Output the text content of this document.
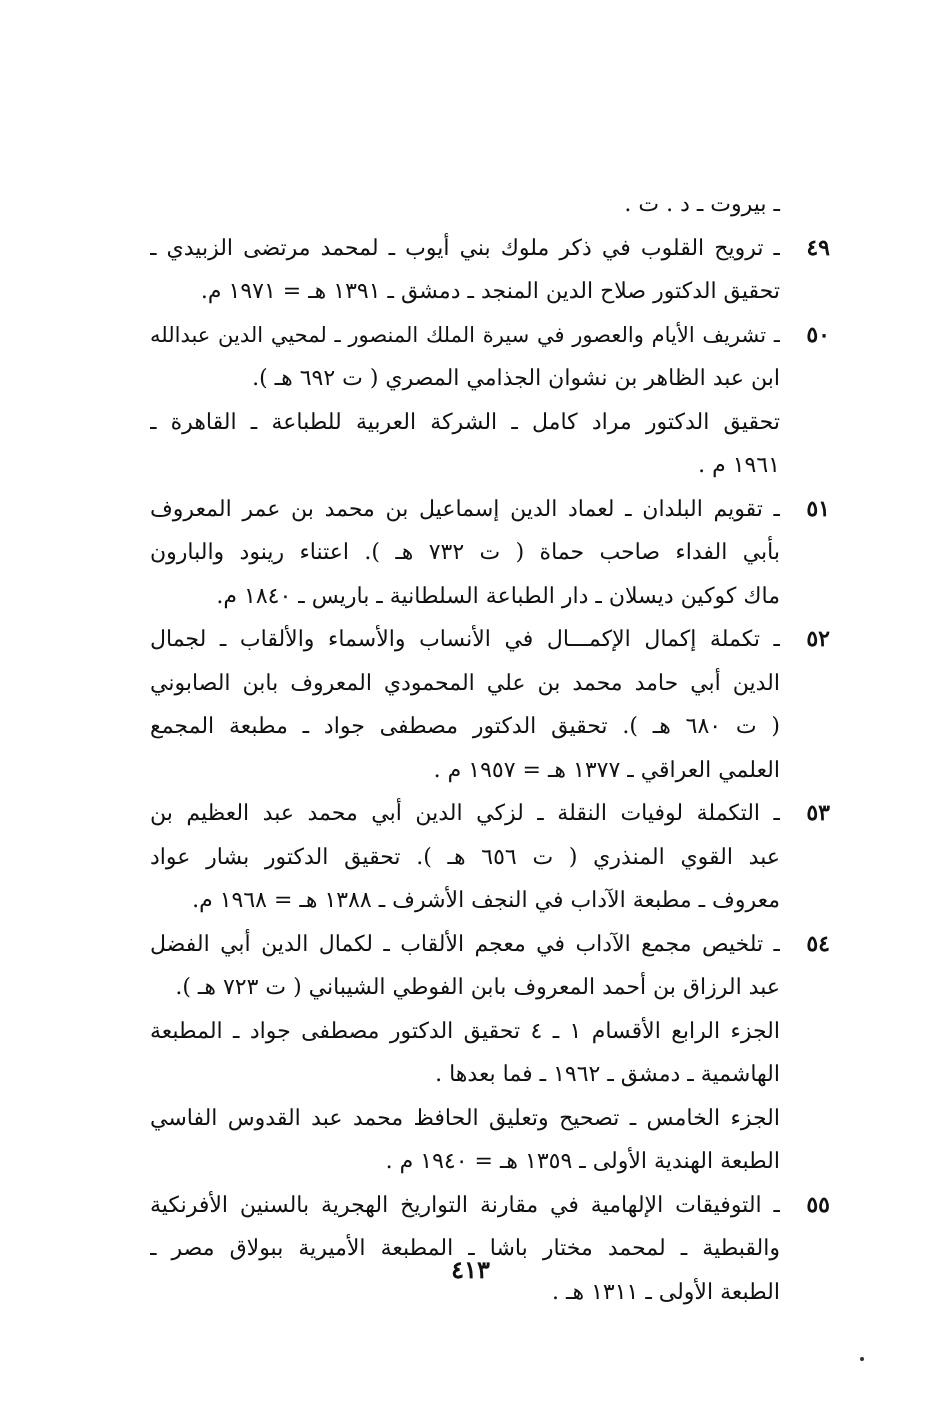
ـ بيروت ـ د . ت .
٤٩
ـ ترويح القلوب في ذكر ملوك بني أيوب ـ لمحمد مرتضى الزبيدي ـ
تحقيق الدكتور صلاح الدين المنجد ـ دمشق ـ ١٣٩١ هـ = ١٩٧١ م.
٥٠
ـ تشريف الأيام والعصور في سيرة الملك المنصور ـ لمحيي الدين عبدالله
ابن عبد الظاهر بن نشوان الجذامي المصري ( ت ٦٩٢ هـ ).
تحقيق الدكتور مراد كامل ـ الشركة العربية للطباعة ـ القاهرة ـ
١٩٦١ م .
٥١
ـ تقويم البلدان ـ لعماد الدين إسماعيل بن محمد بن عمر المعروف
بأبي الفداء صاحب حماة ( ت ٧٣٢ هـ ). اعتناء رينود والبارون
ماك كوكين ديسلان ـ دار الطباعة السلطانية ـ باريس ـ ١٨٤٠ م.
٥٢
ـ تكملة إكمال الإكمـــال في الأنساب والأسماء والألقاب ـ لجمال
الدين أبي حامد محمد بن علي المحمودي المعروف بابن الصابوني
( ت ٦٨٠ هـ ). تحقيق الدكتور مصطفى جواد ـ مطبعة المجمع
العلمي العراقي ـ ١٣٧٧ هـ = ١٩٥٧ م .
٥٣
ـ التكملة لوفيات النقلة ـ لزكي الدين أبي محمد عبد العظيم بن
عبد القوي المنذري ( ت ٦٥٦ هـ ). تحقيق الدكتور بشار عواد
معروف ـ مطبعة الآداب في النجف الأشرف ـ ١٣٨٨ هـ = ١٩٦٨ م.
٥٤
ـ تلخيص مجمع الآداب في معجم الألقاب ـ لكمال الدين أبي الفضل
عبد الرزاق بن أحمد المعروف بابن الفوطي الشيباني ( ت ٧٢٣ هـ ).
الجزء الرابع الأقسام ١ ـ ٤ تحقيق الدكتور مصطفى جواد ـ المطبعة
الهاشمية ـ دمشق ـ ١٩٦٢ ـ فما بعدها .
الجزء الخامس ـ تصحيح وتعليق الحافظ محمد عبد القدوس الفاسي
الطبعة الهندية الأولى ـ ١٣٥٩ هـ = ١٩٤٠ م .
٥٥
ـ التوفيقات الإلهامية في مقارنة التواريخ الهجرية بالسنين الأفرنكية
والقبطية ـ لمحمد مختار باشا ـ المطبعة الأميرية ببولاق مصر ـ
الطبعة الأولى ـ ١٣١١ هـ .
٤١٣
